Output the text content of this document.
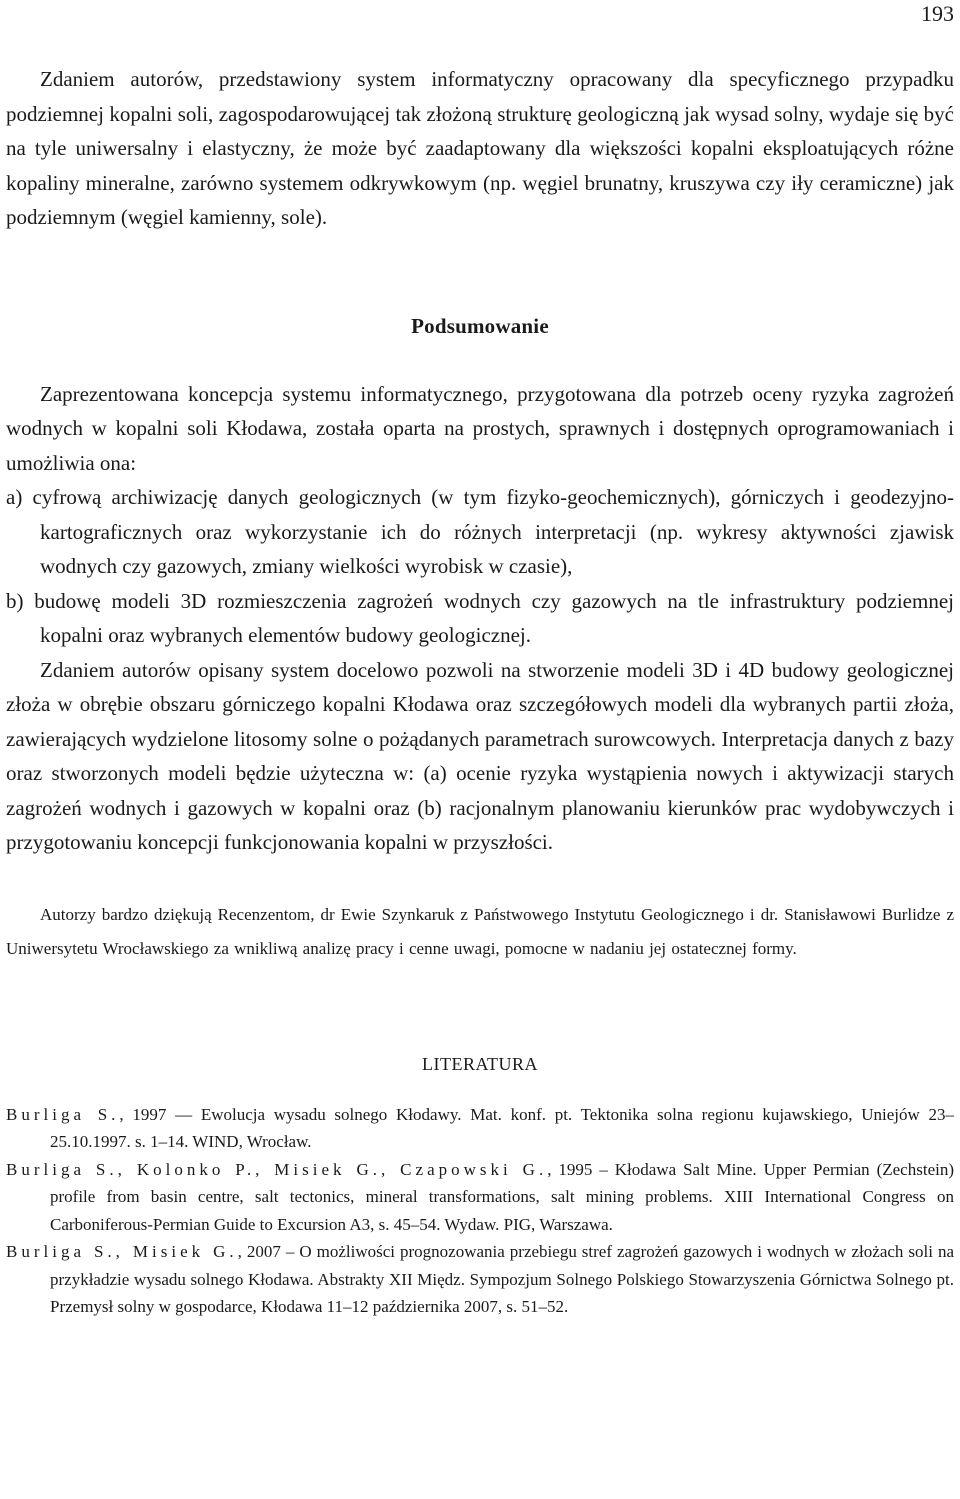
193

Zdaniem autorów, przedstawiony system informatyczny opracowany dla specyficznego przypadku podziemnej kopalni soli, zagospodarowującej tak złożoną strukturę geologiczną jak wysad solny, wydaje się być na tyle uniwersalny i elastyczny, że może być zaadaptowany dla większości kopalni eksploatujących różne kopaliny mineralne, zarówno systemem odkrywkowym (np. węgiel brunatny, kruszywa czy iły ceramiczne) jak podziemnym (węgiel kamienny, sole).

Podsumowanie

Zaprezentowana koncepcja systemu informatycznego, przygotowana dla potrzeb oceny ryzyka zagrożeń wodnych w kopalni soli Kłodawa, została oparta na prostych, sprawnych i dostępnych oprogramowaniach i umożliwia ona:

a) cyfrową archiwizację danych geologicznych (w tym fizyko-geochemicznych), górniczych i geodezyjno-kartograficznych oraz wykorzystanie ich do różnych interpretacji (np. wykresy aktywności zjawisk wodnych czy gazowych, zmiany wielkości wyrobisk w czasie),

b) budowę modeli 3D rozmieszczenia zagrożeń wodnych czy gazowych na tle infrastruktury podziemnej kopalni oraz wybranych elementów budowy geologicznej.

Zdaniem autorów opisany system docelowo pozwoli na stworzenie modeli 3D i 4D budowy geologicznej złoża w obrębie obszaru górniczego kopalni Kłodawa oraz szczegółowych modeli dla wybranych partii złoża, zawierających wydzielone litosomy solne o pożądanych parametrach surowcowych. Interpretacja danych z bazy oraz stworzonych modeli będzie użyteczna w: (a) ocenie ryzyka wystąpienia nowych i aktywizacji starych zagrożeń wodnych i gazowych w kopalni oraz (b) racjonalnym planowaniu kierunków prac wydobywczych i przygotowaniu koncepcji funkcjonowania kopalni w przyszłości.

Autorzy bardzo dziękują Recenzentom, dr Ewie Szynkaruk z Państwowego Instytutu Geologicznego i dr. Stanisławowi Burlidze z Uniwersytetu Wrocławskiego za wnikliwą analizę pracy i cenne uwagi, pomocne w nadaniu jej ostatecznej formy.

LITERATURA

Burliga S., 1997 — Ewolucja wysadu solnego Kłodawy. Mat. konf. pt. Tektonika solna regionu kujawskiego, Uniejów 23–25.10.1997. s. 1–14. WIND, Wrocław.

Burliga S., Kolonko P., Misiek G., Czapowski G., 1995 – Kłodawa Salt Mine. Upper Permian (Zechstein) profile from basin centre, salt tectonics, mineral transformations, salt mining problems. XIII International Congress on Carboniferous-Permian Guide to Excursion A3, s. 45–54. Wydaw. PIG, Warszawa.

Burliga S., Misiek G., 2007 – O możliwości prognozowania przebiegu stref zagrożeń gazowych i wodnych w złożach soli na przykładzie wysadu solnego Kłodawa. Abstrakty XII Międz. Sympozjum Solnego Polskiego Stowarzyszenia Górnictwa Solnego pt. Przemysł solny w gospodarce, Kłodawa 11–12 października 2007, s. 51–52.
